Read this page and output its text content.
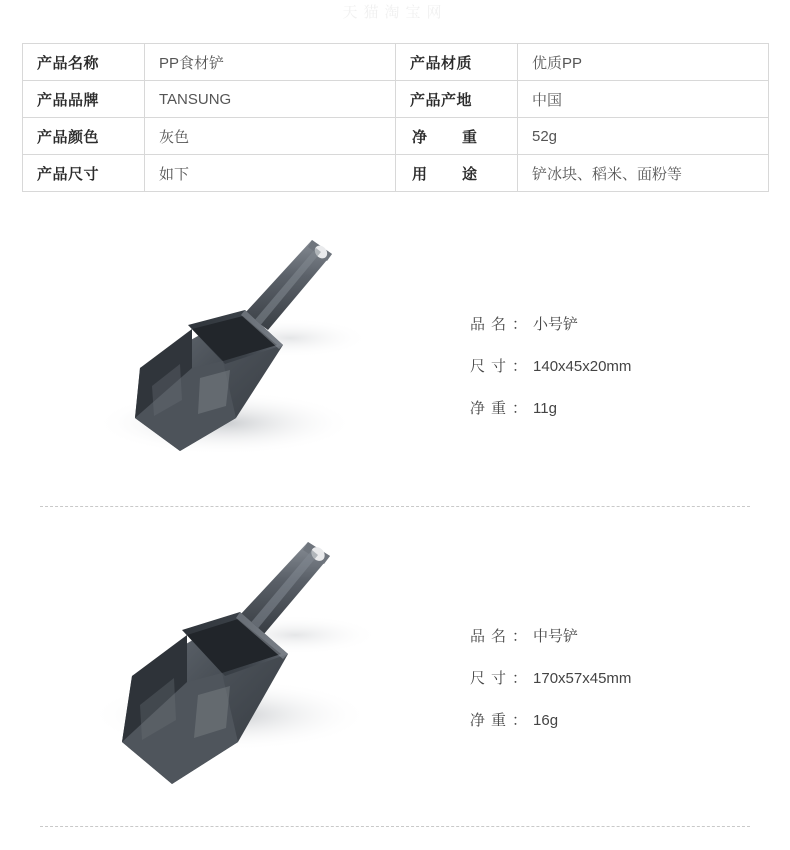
天猫淘宝网
产品名称	PP食材铲	产品材质	优质PP
产品品牌	TANSUNG	产品产地	中国
产品颜色	灰色	净　重	52g
产品尺寸	如下	用　途	铲冰块、稻米、面粉等
品名：小号铲
尺寸：140x45x20mm
净重：11g
品名：中号铲
尺寸：170x57x45mm
净重：16g
